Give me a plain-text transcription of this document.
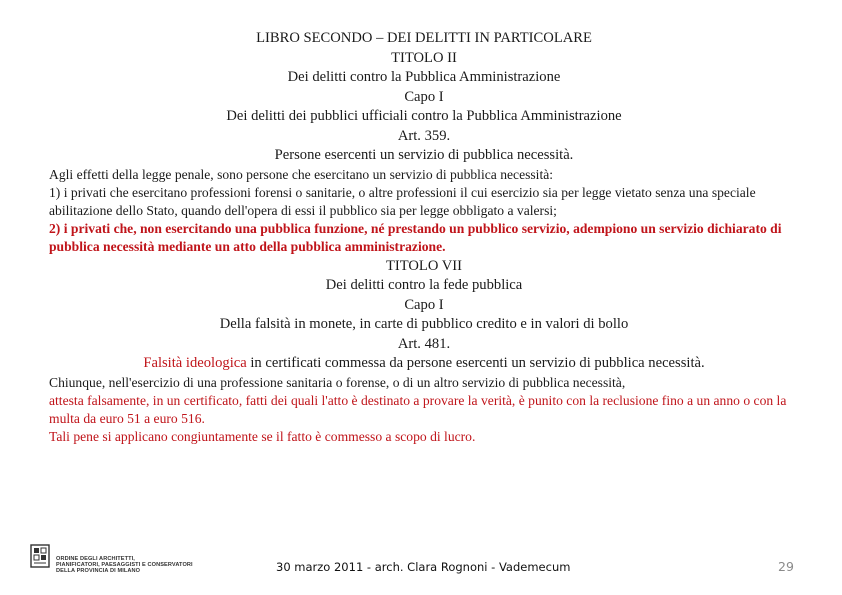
LIBRO SECONDO – DEI DELITTI IN PARTICOLARE

TITOLO II

Dei delitti contro la Pubblica Amministrazione

Capo I

Dei delitti dei pubblici ufficiali contro la Pubblica Amministrazione

Art. 359.

Persone esercenti un servizio di pubblica necessità.

Agli effetti della legge penale, sono persone che esercitano un servizio di pubblica necessità:

1) i privati che esercitano professioni forensi o sanitarie, o altre professioni il cui esercizio sia per legge vietato senza una speciale abilitazione dello Stato, quando dell'opera di essi il pubblico sia per legge obbligato a valersi;

2) i privati che, non esercitando una pubblica funzione, né prestando un pubblico servizio, adempiono un servizio dichiarato di pubblica necessità mediante un atto della pubblica amministrazione.

TITOLO VII

Dei delitti contro la fede pubblica

Capo I

Della falsità in monete, in carte di pubblico credito e in valori di bollo

Art. 481.

Falsità ideologica in certificati commessa da persone esercenti un servizio di pubblica necessità.

Chiunque, nell'esercizio di una professione sanitaria o forense, o di un altro servizio di pubblica necessità,

attesta falsamente, in un certificato, fatti dei quali l'atto è destinato a provare la verità, è punito con la reclusione fino a un anno o con la multa da euro 51 a euro 516.

Tali pene si applicano congiuntamente se il fatto è commesso a scopo di lucro.

ORDINE DEGLI ARCHITETTI,
PIANIFICATORI, PAESAGGISTI E CONSERVATORI
DELLA PROVINCIA DI MILANO	30 marzo 2011 - arch. Clara Rognoni - Vademecum	29
